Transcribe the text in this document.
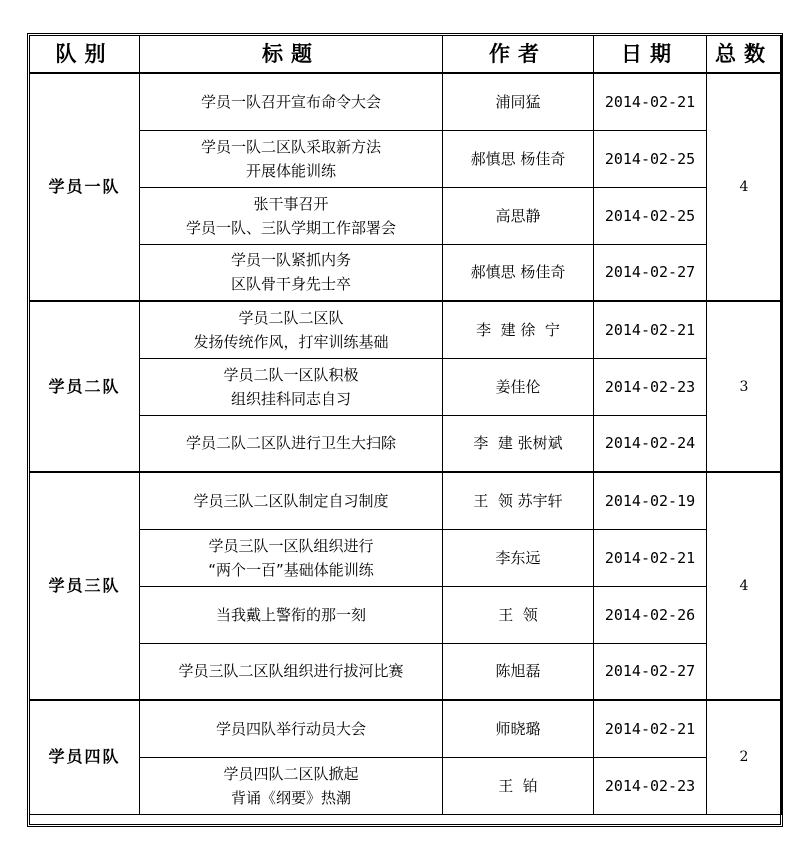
队别	标题	作者	日期	总数
学员一队	学员一队召开宣布命令大会	浦同猛	2014-02-21	4

	学员一队二区队采取新方法
开展体能训练	郝慎思 杨佳奇	2014-02-25	

	张干事召开
学员一队、三队学期工作部署会	高思静	2014-02-25	

	学员一队紧抓内务
区队骨干身先士卒	郝慎思 杨佳奇	2014-02-27	
学员二队	学员二队二区队
发扬传统作风，打牢训练基础	李  建 徐  宁	2014-02-21	3

	学员二队一区队积极
组织挂科同志自习	姜佳伦	2014-02-23	

	学员二队二区队进行卫生大扫除	李  建 张树斌	2014-02-24	
学员三队	学员三队二区队制定自习制度	王  领 苏宇轩	2014-02-19	4

	学员三队一区队组织进行
“两个一百”基础体能训练	李东远	2014-02-21	

	当我戴上警衔的那一刻	王  领	2014-02-26	

	学员三队二区队组织进行拔河比赛	陈旭磊	2014-02-27	
学员四队	学员四队举行动员大会	师晓璐	2014-02-21	2

	学员四队二区队掀起
背诵《纲要》热潮	王  铂	2014-02-23	
